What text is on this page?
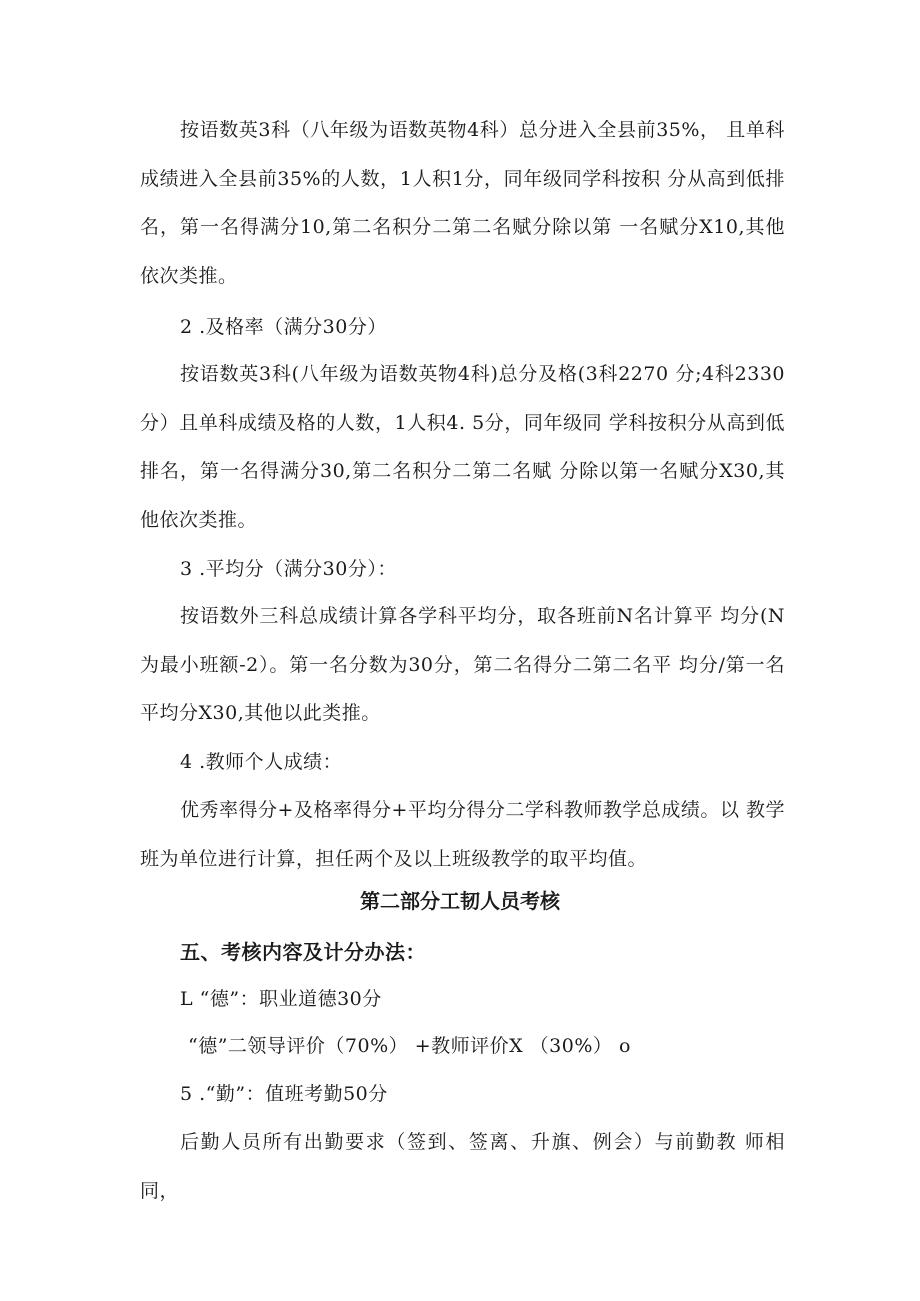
按语数英3科（八年级为语数英物4科）总分进入全县前35%， 且单科成绩进入全县前35%的人数，1人积1分，同年级同学科按积 分从高到低排名，第一名得满分10,第二名积分二第二名赋分除以第 一名赋分X10,其他依次类推。

2 .及格率（满分30分）

按语数英3科(八年级为语数英物4科)总分及格(3科2270 分;4科2330分）且单科成绩及格的人数，1人积4. 5分，同年级同 学科按积分从高到低排名，第一名得满分30,第二名积分二第二名赋 分除以第一名赋分X30,其他依次类推。

3 .平均分（满分30分）：

按语数外三科总成绩计算各学科平均分，取各班前N名计算平 均分(N为最小班额-2）。第一名分数为30分，第二名得分二第二名平 均分/第一名平均分X30,其他以此类推。

4 .教师个人成绩：

优秀率得分+及格率得分+平均分得分二学科教师教学总成绩。以 教学班为单位进行计算，担任两个及以上班级教学的取平均值。

第二部分工韧人员考核

五、考核内容及计分办法：

L “德”：职业道德30分

“德”二领导评价（70%） +教师评价X （30%） o

5 .“勤”：值班考勤50分

后勤人员所有出勤要求（签到、签离、升旗、例会）与前勤教 师相同，
